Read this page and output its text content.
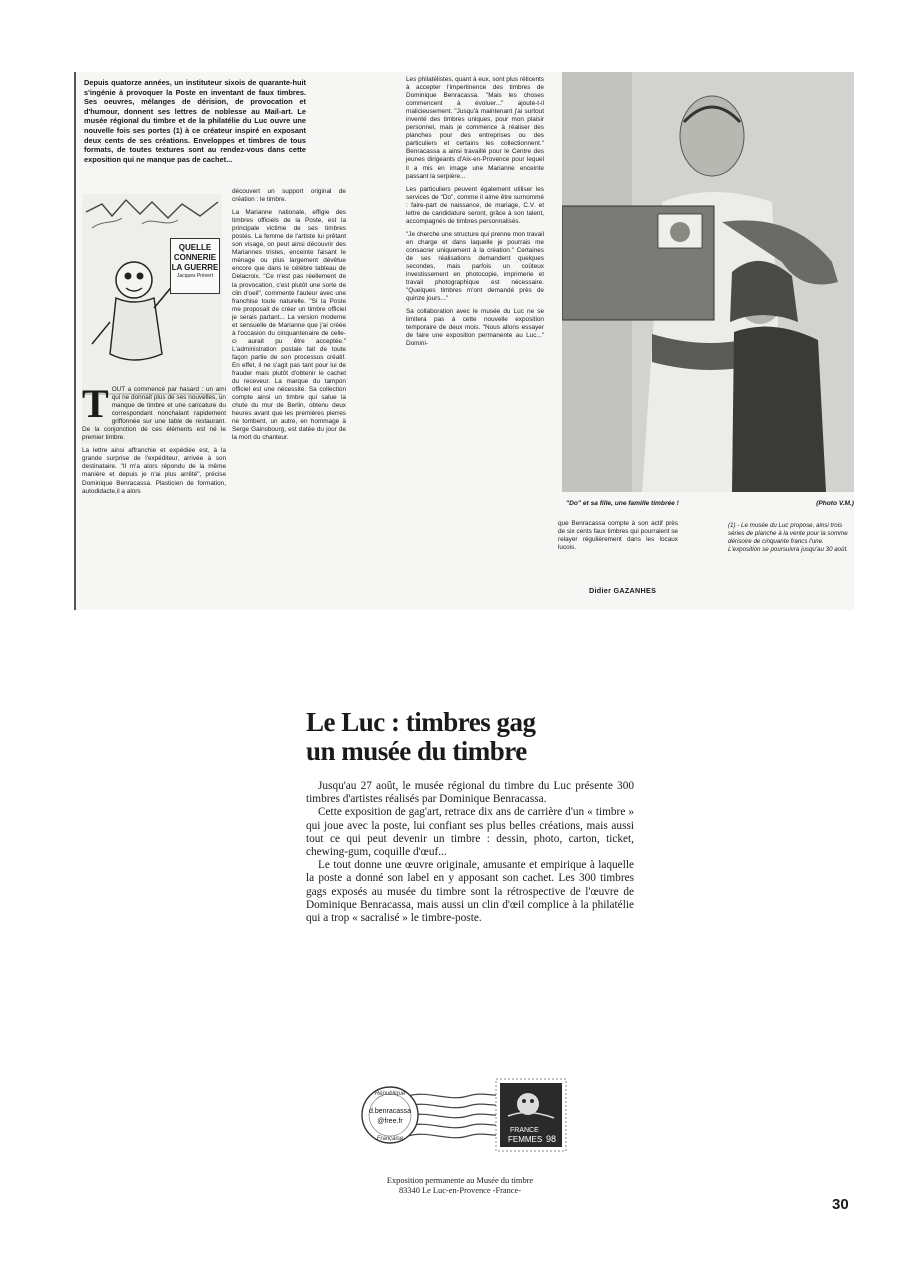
Depuis quatorze années, un instituteur sixois de quarante-huit s'ingénie à provoquer la Poste en inventant de faux timbres. Ses oeuvres, mélanges de dérision, de provocation et d'humour, donnent ses lettres de noblesse au Mail-art. Le musée régional du timbre et de la philatélie du Luc ouvre une nouvelle fois ses portes (1) à ce créateur inspiré en exposant deux cents de ses créations. Enveloppes et timbres de tous formats, de toutes textures sont au rendez-vous dans cette exposition qui ne manque pas de cachet...

QUELLE
CONNERIE
LA GUERRE
Jacques Prévert

TOUT a commencé par hasard : un ami qui ne donnait plus de ses nouvelles, un manque de timbre et une caricature du correspondant nonchalant rapidement griffonnée sur une table de restaurant. De la conjonction de ces éléments est né le premier timbre.

La lettre ainsi affranchie et expédiée est, à la grande surprise de l'expéditeur, arrivée à son destinataire. "Il m'a alors répondu de la même manière et depuis je n'ai plus arrêté", précise Dominique Benracassa. Plasticien de formation, autodidacte,il a alors

découvert un support original de création : le timbre.

La Marianne nationale, effigie des timbres officiels de la Poste, est la principale victime de ses timbres postés. La femme de l'artiste lui prêtant son visage, on peut ainsi découvrir des Mariannes tristes, enceinte faisant le ménage ou plus largement dévêtue encore que dans le célèbre tableau de Delacroix. "Ce n'est pas réellement de la provocation, c'est plutôt une sorte de clin d'oeil", commente l'auteur avec une franchise toute naturelle. "Si la Poste me proposait de créer un timbre officiel je serais partant... La version moderne et sensuelle de Marianne que j'ai créée à l'occasion du cinquantenaire de celle-ci aurait pu être acceptée." L'administration postale fait de toute façon partie de son processus créatif. En effet, il ne s'agit pas tant pour lui de frauder mais plutôt d'obtenir le cachet du receveur. La marque du tampon officiel est une nécessité. Sa collection compte ainsi un timbre qui salue la chute du mur de Berlin, obtenu deux heures avant que les premières pierres ne tombent, un autre, en hommage à Serge Gainsbourg, est datée du jour de la mort du chanteur.

Les philatélistes, quant à eux, sont plus réticents à accepter l'impertinence des timbres de Dominique Benracassa. "Mais les choses commencent à évoluer..." ajoute-t-il malicieusement. "Jusqu'à maintenant j'ai surtout inventé des timbres uniques, pour mon plaisir personnel, mais je commence à réaliser des planches pour des entreprises ou des particuliers et certains les collectionnent." Benracassa a ainsi travaillé pour le Centre des jeunes dirigeants d'Aix-en-Provence pour lequel il a mis en image une Marianne enceinte passant la serpière...

Les particuliers peuvent également utiliser les services de "Do", comme il aime être surnommé : faire-part de naissance, de mariage, C.V. et lettre de candidature seront, grâce à son talent, accompagnés de timbres personnalisés.

"Je cherche une structure qui prenne mon travail en charge et dans laquelle je pourrais me consacrer uniquement à la création." Certaines de ses réalisations demandent quelques secondes, mais parfois un coûteux investissement en photocopie, imprimerie et travail photographique est nécessaire. "Quelques timbres m'ont demandé près de quinze jours..."

Sa collaboration avec le musée du Luc ne se limitera pas à cette nouvelle exposition temporaire de deux mois. "Nous allons essayer de faire une exposition permanente au Luc..." Domini-

"Do" et sa fille, une famille timbrée !	(Photo V.M.)

que Benracassa compte à son actif près de six cents faux timbres qui pourraient se relayer régulièrement dans les locaux lucois.

Didier GAZANHES

(1) - Le musée du Luc propose, ainsi trois séries de planche à la vente pour la somme dérisoire de cinquante francs l'une. L'exposition se poursuivra jusqu'au 30 août.

Le Luc : timbres gag
un musée du timbre

Jusqu'au 27 août, le musée régional du timbre du Luc présente 300 timbres d'artistes réalisés par Dominique Benracassa.

Cette exposition de gag'art, retrace dix ans de carrière d'un « timbre » qui joue avec la poste, lui confiant ses plus belles créations, mais aussi tout ce qui peut devenir un timbre : dessin, photo, carton, ticket, chewing-gum, coquille d'œuf...

Le tout donne une œuvre originale, amusante et empirique à laquelle la poste a donné son label en y apposant son cachet. Les 300 timbres gags exposés au musée du timbre sont la rétrospective de l'œuvre de Dominique Benracassa, mais aussi un clin d'œil complice à la philatélie qui a trop « sacralisé » le timbre-poste.

République
d.benracassa
@free.fr
Française
FRANCE
FEMMES 98
Exposition permanente au Musée du timbre
83340 Le Luc-en-Provence -France-
30
